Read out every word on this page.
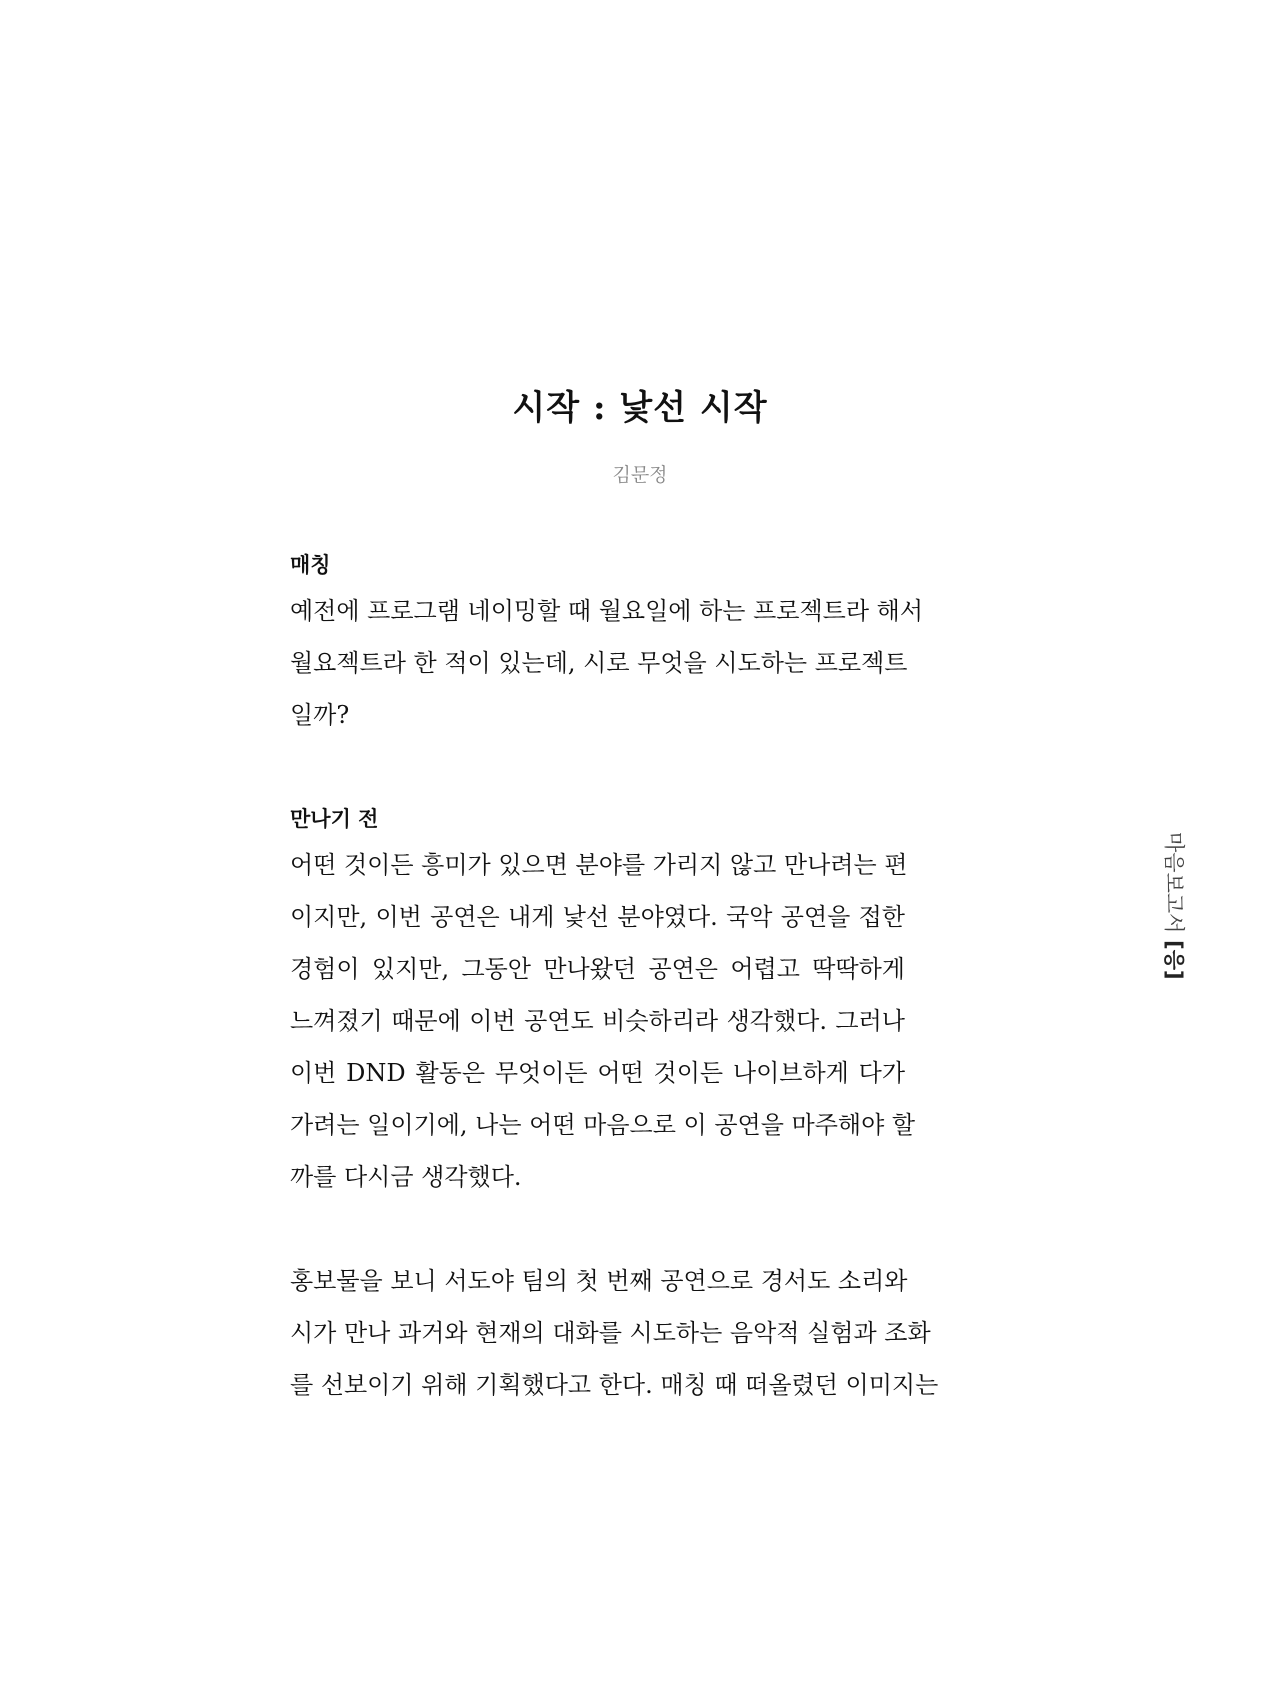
시작 : 낯선 시작
김문정
매칭
예전에 프로그램 네이밍할 때 월요일에 하는 프로젝트라 해서
월요젝트라 한 적이 있는데, 시로 무엇을 시도하는 프로젝트
일까?
만나기 전
어떤 것이든 흥미가 있으면 분야를 가리지 않고 만나려는 편
이지만, 이번 공연은 내게 낯선 분야였다. 국악 공연을 접한
경험이 있지만, 그동안 만나왔던 공연은 어렵고 딱딱하게
느껴졌기 때문에 이번 공연도 비슷하리라 생각했다. 그러나
이번 DND 활동은 무엇이든 어떤 것이든 나이브하게 다가
가려는 일이기에, 나는 어떤 마음으로 이 공연을 마주해야 할
까를 다시금 생각했다.
홍보물을 보니 서도야 팀의 첫 번째 공연으로 경서도 소리와
시가 만나 과거와 현재의 대화를 시도하는 음악적 실험과 조화
를 선보이기 위해 기획했다고 한다. 매칭 때 떠올렸던 이미지는
마음보고서 [응]
